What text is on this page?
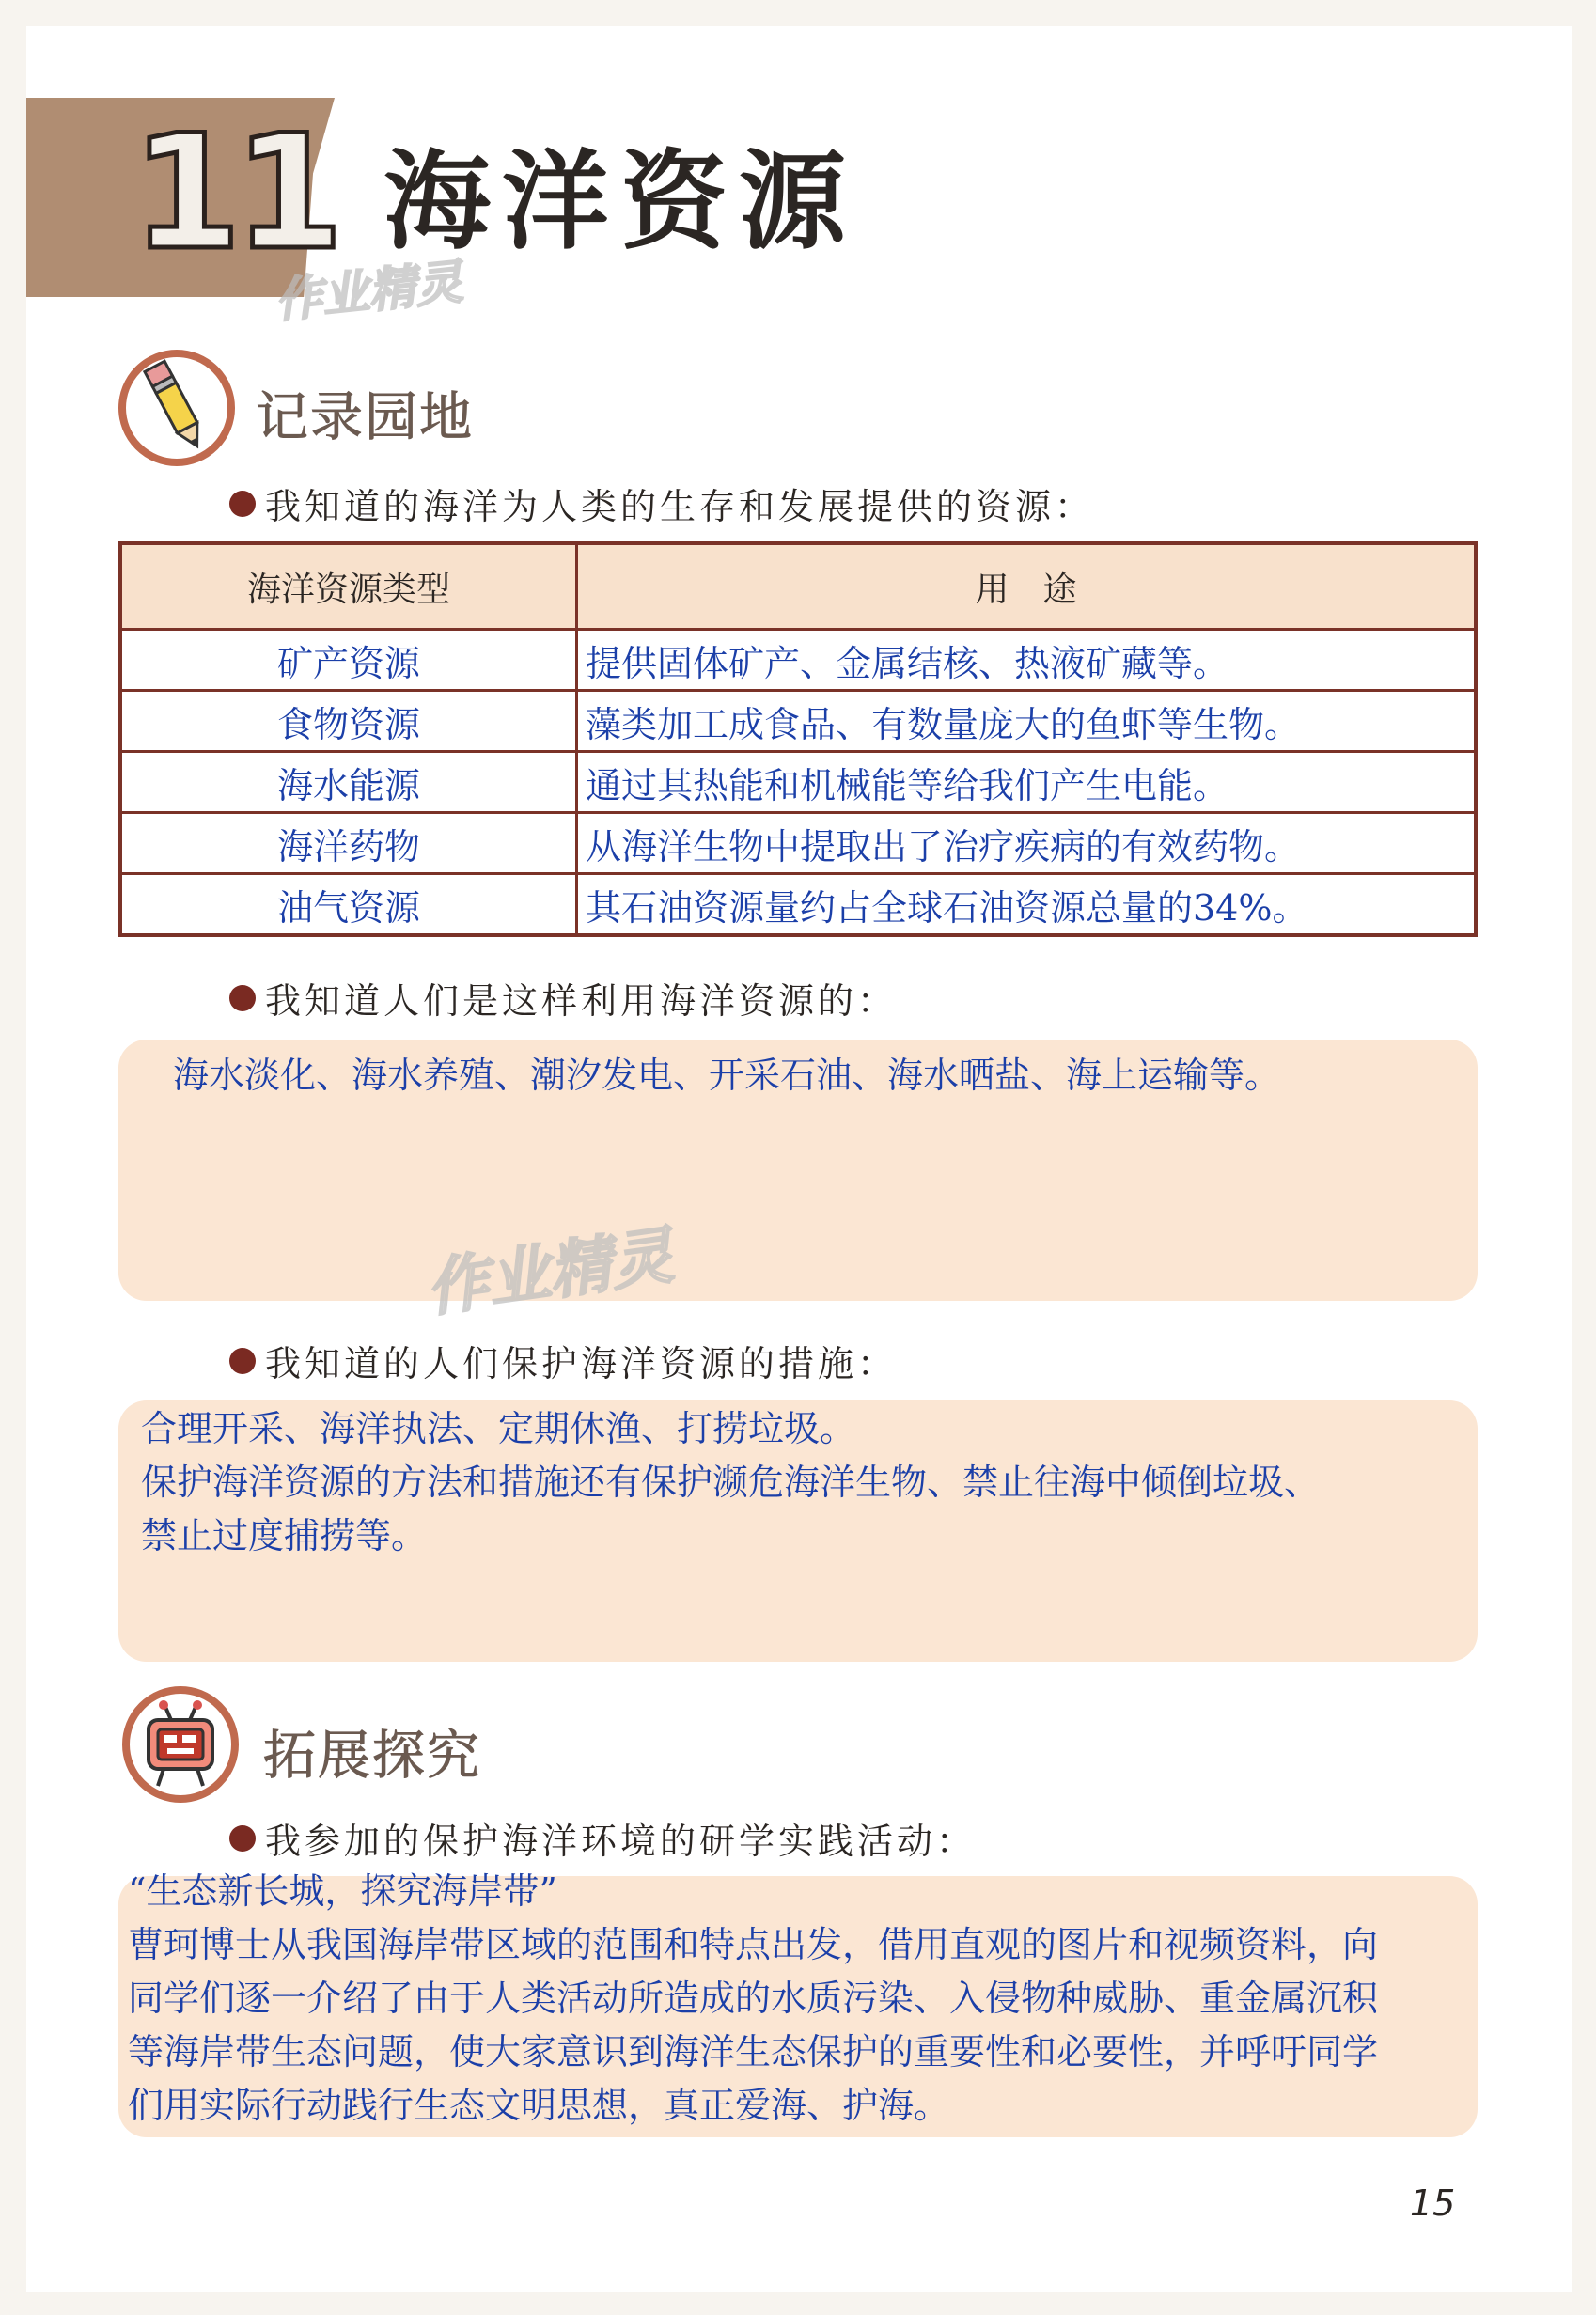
11 海洋资源
作业精灵
记录园地
我知道的海洋为人类的生存和发展提供的资源：
海洋资源类型	用　途
矿产资源	提供固体矿产、金属结核、热液矿藏等。
食物资源	藻类加工成食品、有数量庞大的鱼虾等生物。
海水能源	通过其热能和机械能等给我们产生电能。
海洋药物	从海洋生物中提取出了治疗疾病的有效药物。
油气资源	其石油资源量约占全球石油资源总量的34%。
我知道人们是这样利用海洋资源的：
海水淡化、海水养殖、潮汐发电、开采石油、海水晒盐、海上运输等。
作业精灵
我知道的人们保护海洋资源的措施：
合理开采、海洋执法、定期休渔、打捞垃圾。
保护海洋资源的方法和措施还有保护濒危海洋生物、禁止往海中倾倒垃圾、
禁止过度捕捞等。
拓展探究
我参加的保护海洋环境的研学实践活动：
“生态新长城，探究海岸带”
曹珂博士从我国海岸带区域的范围和特点出发，借用直观的图片和视频资料，向
同学们逐一介绍了由于人类活动所造成的水质污染、入侵物种威胁、重金属沉积
等海岸带生态问题，使大家意识到海洋生态保护的重要性和必要性，并呼吁同学
们用实际行动践行生态文明思想，真正爱海、护海。
15
